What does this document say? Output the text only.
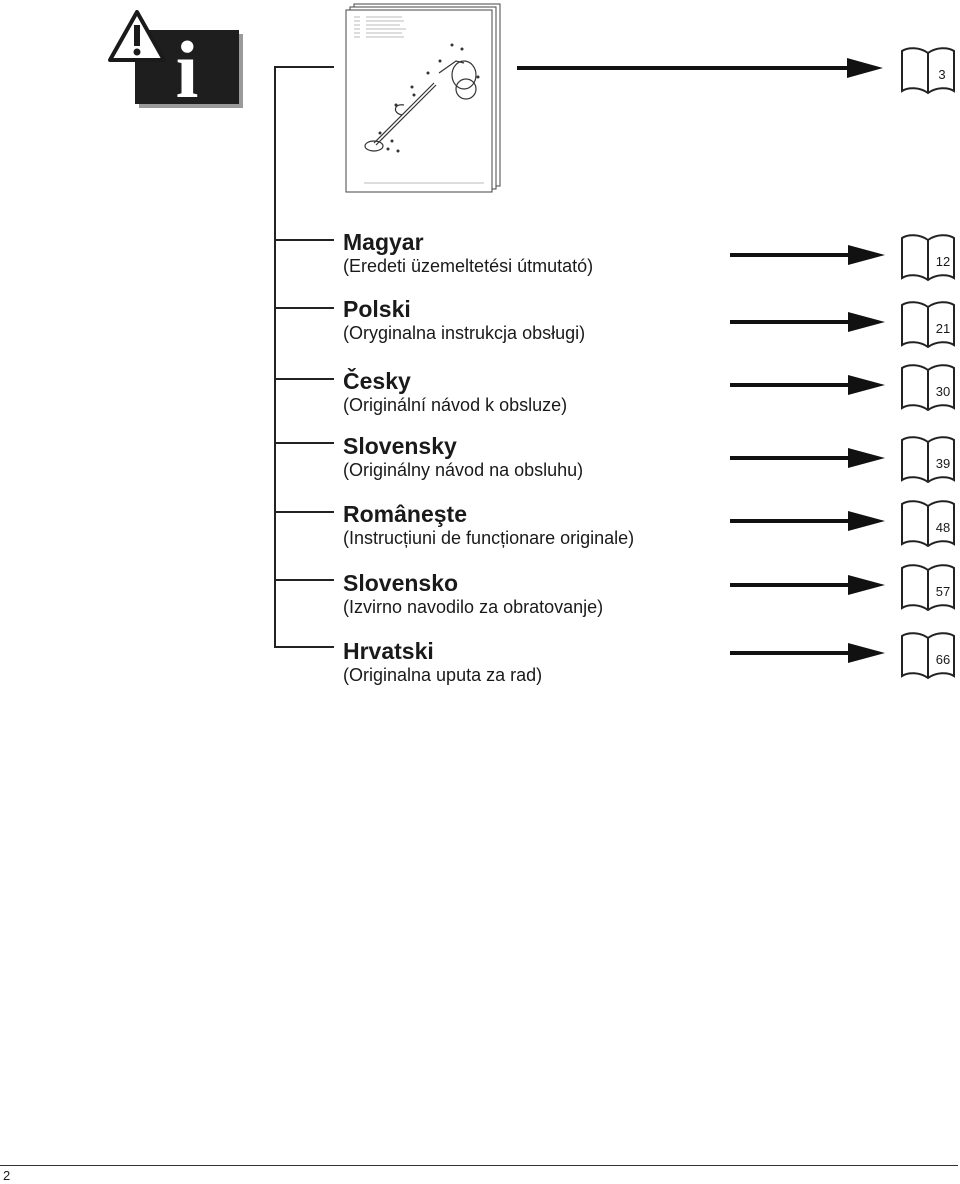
i	3
Magyar
(Eredeti üzemeltetési útmutató)
Polski
(Oryginalna instrukcja obsługi)
Česky
(Originální návod k obsluze)
Slovensky
(Originálny návod na obsluhu)
Româneşte
(Instrucțiuni de funcționare originale)
Slovensko
(Izvirno navodilo za obratovanje)
Hrvatski
(Originalna uputa za rad)
12
21
30
39
48
57
66
2
